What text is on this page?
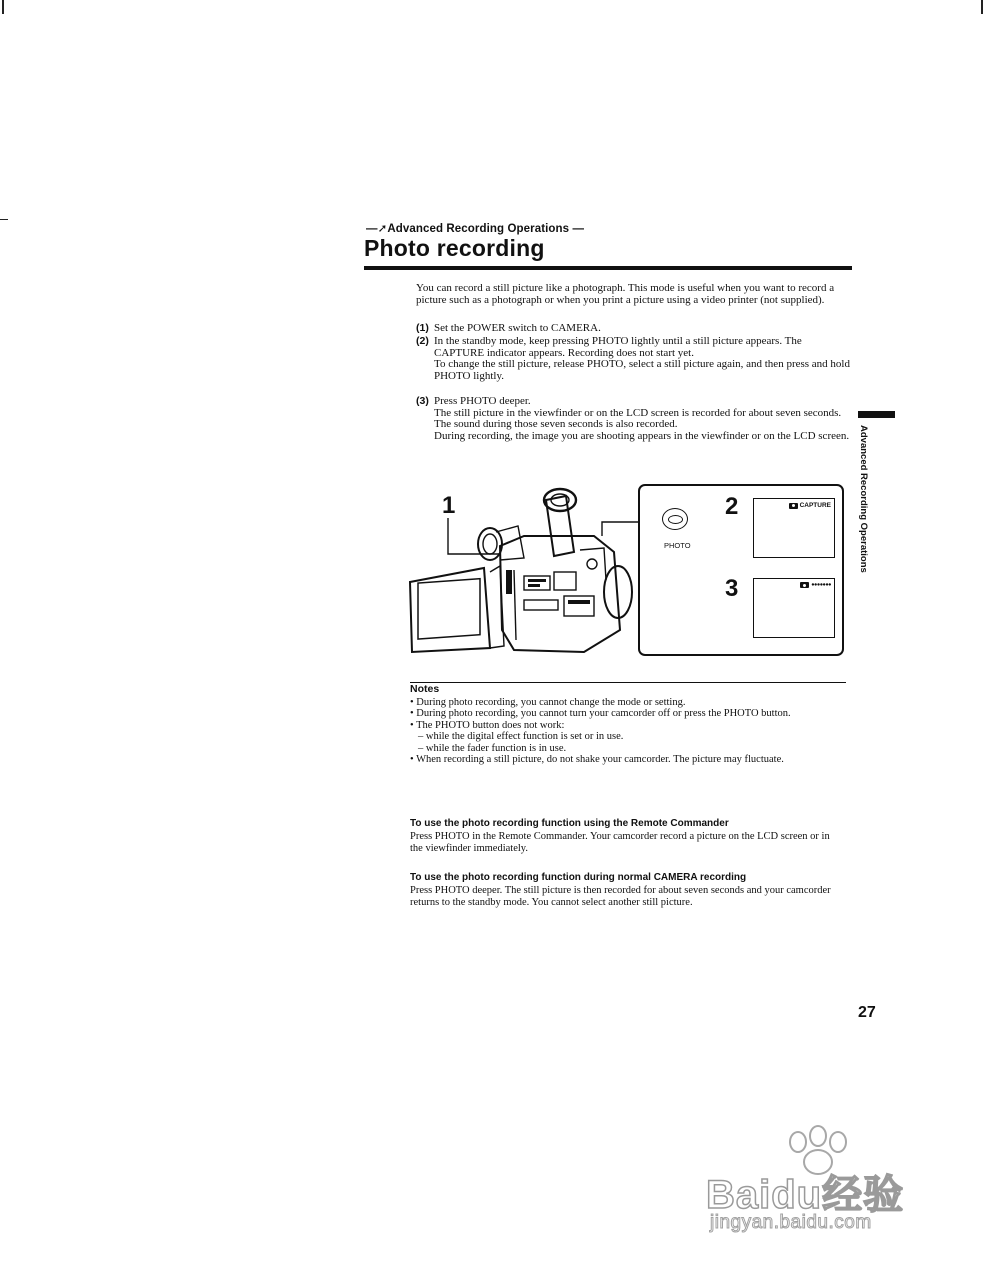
—➚Advanced Recording Operations —
Photo recording
You can record a still picture like a photograph. This mode is useful when you want to record a picture such as a photograph or when you print a picture using a video printer (not supplied).
(1) Set the POWER switch to CAMERA.
(2) In the standby mode, keep pressing PHOTO lightly until a still picture appears. The CAPTURE indicator appears. Recording does not start yet.
To change the still picture, release PHOTO, select a still picture again, and then press and hold PHOTO lightly.
(3) Press PHOTO deeper.
The still picture in the viewfinder or on the LCD screen is recorded for about seven seconds. The sound during those seven seconds is also recorded.
During recording, the image you are shooting appears in the viewfinder or on the LCD screen. Advanced Recording Operations
1	2
3
PHOTO
CAPTURE
●●●●●●●
Notes
• During photo recording, you cannot change the mode or setting.
• During photo recording, you cannot turn your camcorder off or press the PHOTO button.
• The PHOTO button does not work:
– while the digital effect function is set or in use.
– while the fader function is in use.
• When recording a still picture, do not shake your camcorder. The picture may fluctuate.
To use the photo recording function using the Remote Commander
Press PHOTO in the Remote Commander. Your camcorder record a picture on the LCD screen or in the viewfinder immediately.
To use the photo recording function during normal CAMERA recording
Press PHOTO deeper. The still picture is then recorded for about seven seconds and your camcorder returns to the standby mode. You cannot select another still picture.
27
Baidu经验
jingyan.baidu.com
